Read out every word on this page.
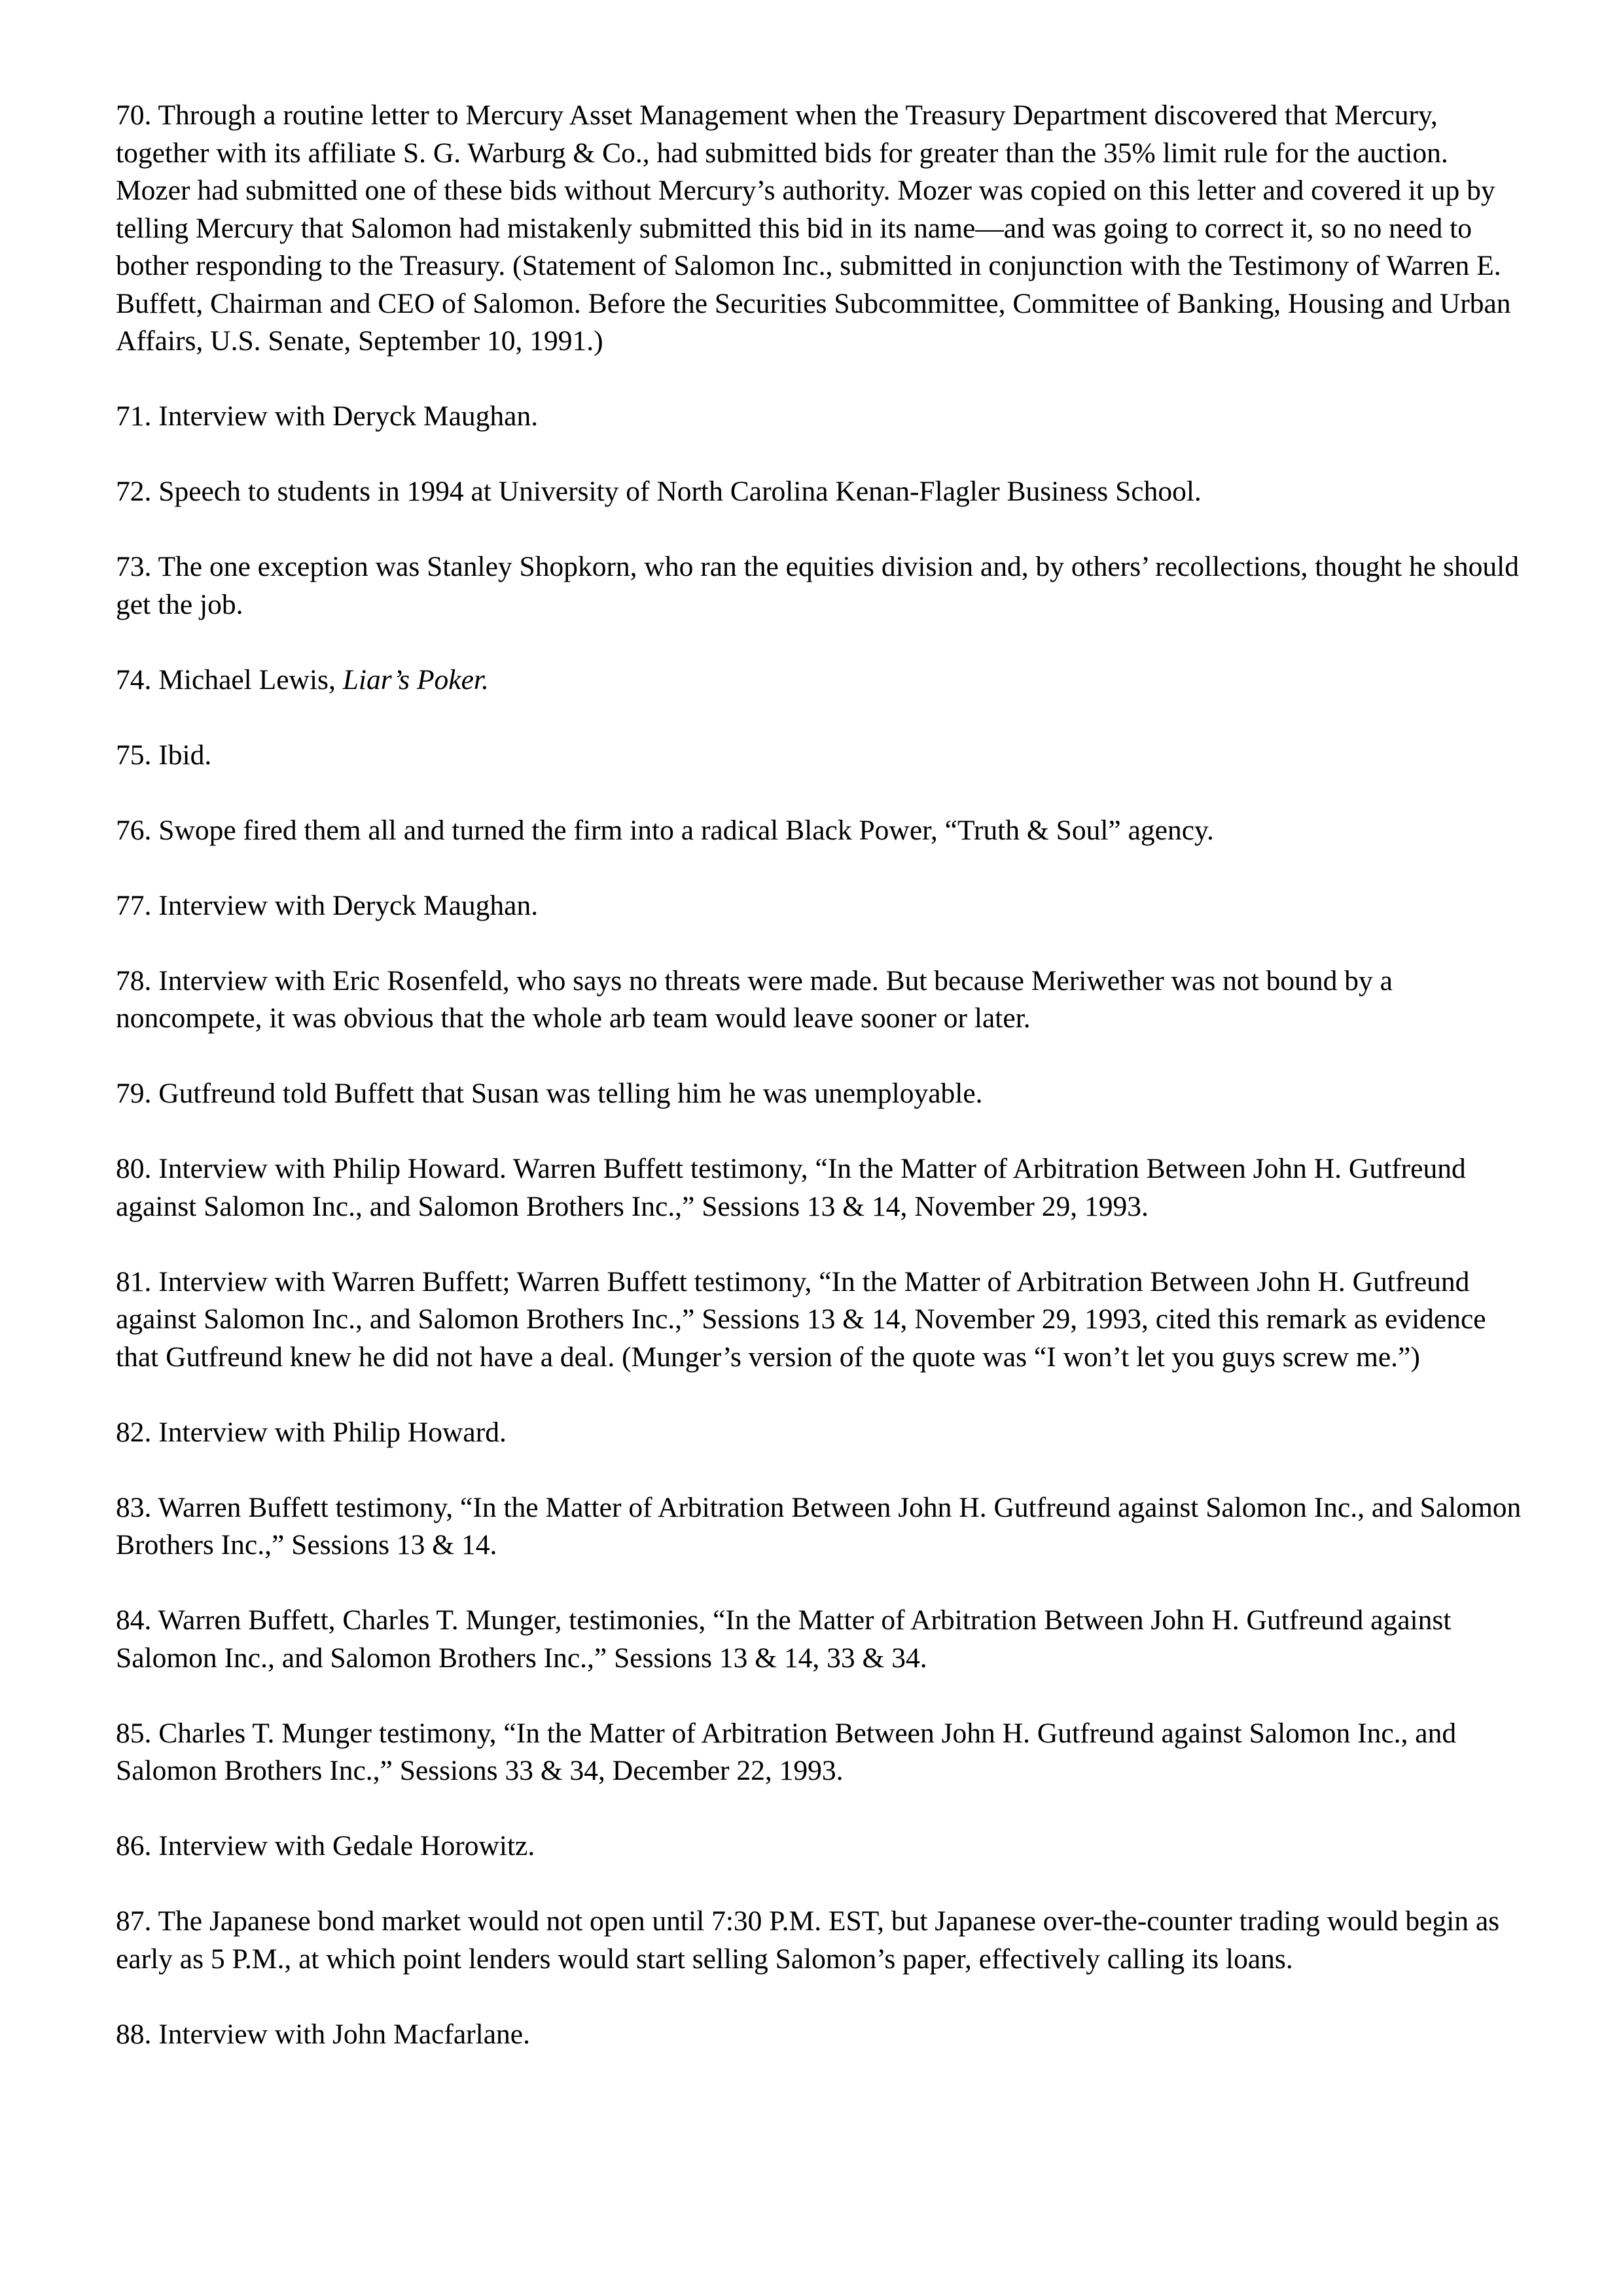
70. Through a routine letter to Mercury Asset Management when the Treasury Department discovered that Mercury, together with its affiliate S. G. Warburg & Co., had submitted bids for greater than the 35% limit rule for the auction. Mozer had submitted one of these bids without Mercury’s authority. Mozer was copied on this letter and covered it up by telling Mercury that Salomon had mistakenly submitted this bid in its name—and was going to correct it, so no need to bother responding to the Treasury. (Statement of Salomon Inc., submitted in conjunction with the Testimony of Warren E. Buffett, Chairman and CEO of Salomon. Before the Securities Subcommittee, Committee of Banking, Housing and Urban Affairs, U.S. Senate, September 10, 1991.)

71. Interview with Deryck Maughan.

72. Speech to students in 1994 at University of North Carolina Kenan-Flagler Business School.

73. The one exception was Stanley Shopkorn, who ran the equities division and, by others’ recollections, thought he should get the job.

74. Michael Lewis, Liar’s Poker.

75. Ibid.

76. Swope fired them all and turned the firm into a radical Black Power, “Truth & Soul” agency.

77. Interview with Deryck Maughan.

78. Interview with Eric Rosenfeld, who says no threats were made. But because Meriwether was not bound by a noncompete, it was obvious that the whole arb team would leave sooner or later.

79. Gutfreund told Buffett that Susan was telling him he was unemployable.

80. Interview with Philip Howard. Warren Buffett testimony, “In the Matter of Arbitration Between John H. Gutfreund against Salomon Inc., and Salomon Brothers Inc.,” Sessions 13 & 14, November 29, 1993.

81. Interview with Warren Buffett; Warren Buffett testimony, “In the Matter of Arbitration Between John H. Gutfreund against Salomon Inc., and Salomon Brothers Inc.,” Sessions 13 & 14, November 29, 1993, cited this remark as evidence that Gutfreund knew he did not have a deal. (Munger’s version of the quote was “I won’t let you guys screw me.”)

82. Interview with Philip Howard.

83. Warren Buffett testimony, “In the Matter of Arbitration Between John H. Gutfreund against Salomon Inc., and Salomon Brothers Inc.,” Sessions 13 & 14.

84. Warren Buffett, Charles T. Munger, testimonies, “In the Matter of Arbitration Between John H. Gutfreund against Salomon Inc., and Salomon Brothers Inc.,” Sessions 13 & 14, 33 & 34.

85. Charles T. Munger testimony, “In the Matter of Arbitration Between John H. Gutfreund against Salomon Inc., and Salomon Brothers Inc.,” Sessions 33 & 34, December 22, 1993.

86. Interview with Gedale Horowitz.

87. The Japanese bond market would not open until 7:30 P.M. EST, but Japanese over-the-counter trading would begin as early as 5 P.M., at which point lenders would start selling Salomon’s paper, effectively calling its loans.

88. Interview with John Macfarlane.
